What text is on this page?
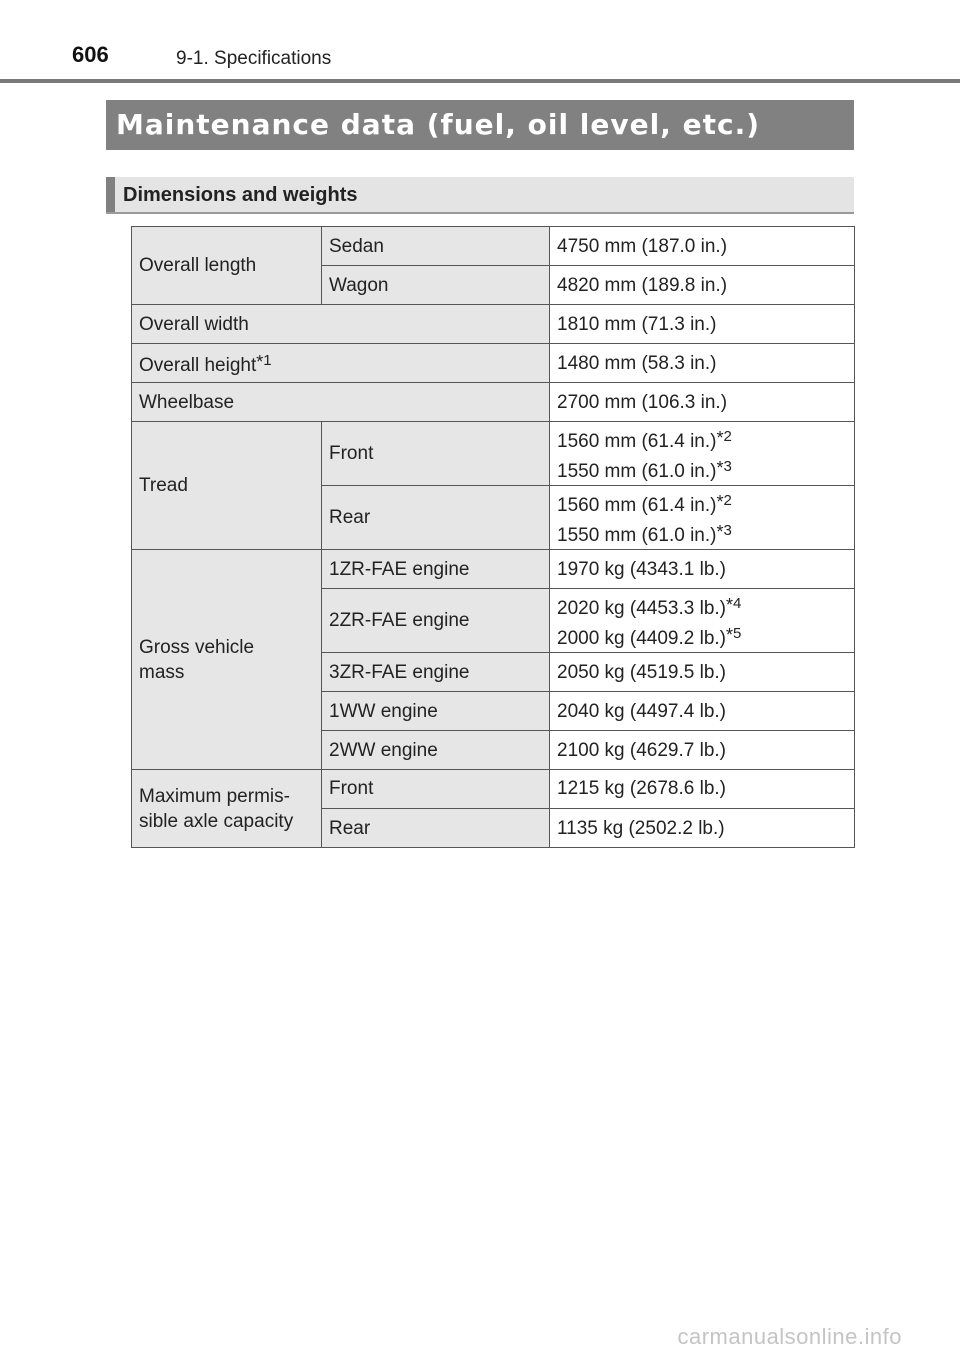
606	9-1. Specifications
Maintenance data (fuel, oil level, etc.)
Dimensions and weights
Overall length	Sedan	4750 mm (187.0 in.)
	Wagon	4820 mm (189.8 in.)
Overall width		1810 mm (71.3 in.)
Overall height*$^1$		1480 mm (58.3 in.)
Wheelbase		2700 mm (106.3 in.)
Tread	Front	1560 mm (61.4 in.)*$^2$
1550 mm (61.0 in.)*$^3$

	Rear	1560 mm (61.4 in.)*$^2$
1550 mm (61.0 in.)*$^3$

Gross vehicle
mass	1ZR-FAE engine	1970 kg (4343.1 lb.)
	2ZR-FAE engine	2020 kg (4453.3 lb.)*$^4$
2000 kg (4409.2 lb.)*$^5$

	3ZR-FAE engine	2050 kg (4519.5 lb.)
	1WW engine	2040 kg (4497.4 lb.)
	2WW engine	2100 kg (4629.7 lb.)

Maximum permis-
sible axle capacity	Front	1215 kg (2678.6 lb.)
	Rear	1135 kg (2502.2 lb.)
carmanualsonline.info
